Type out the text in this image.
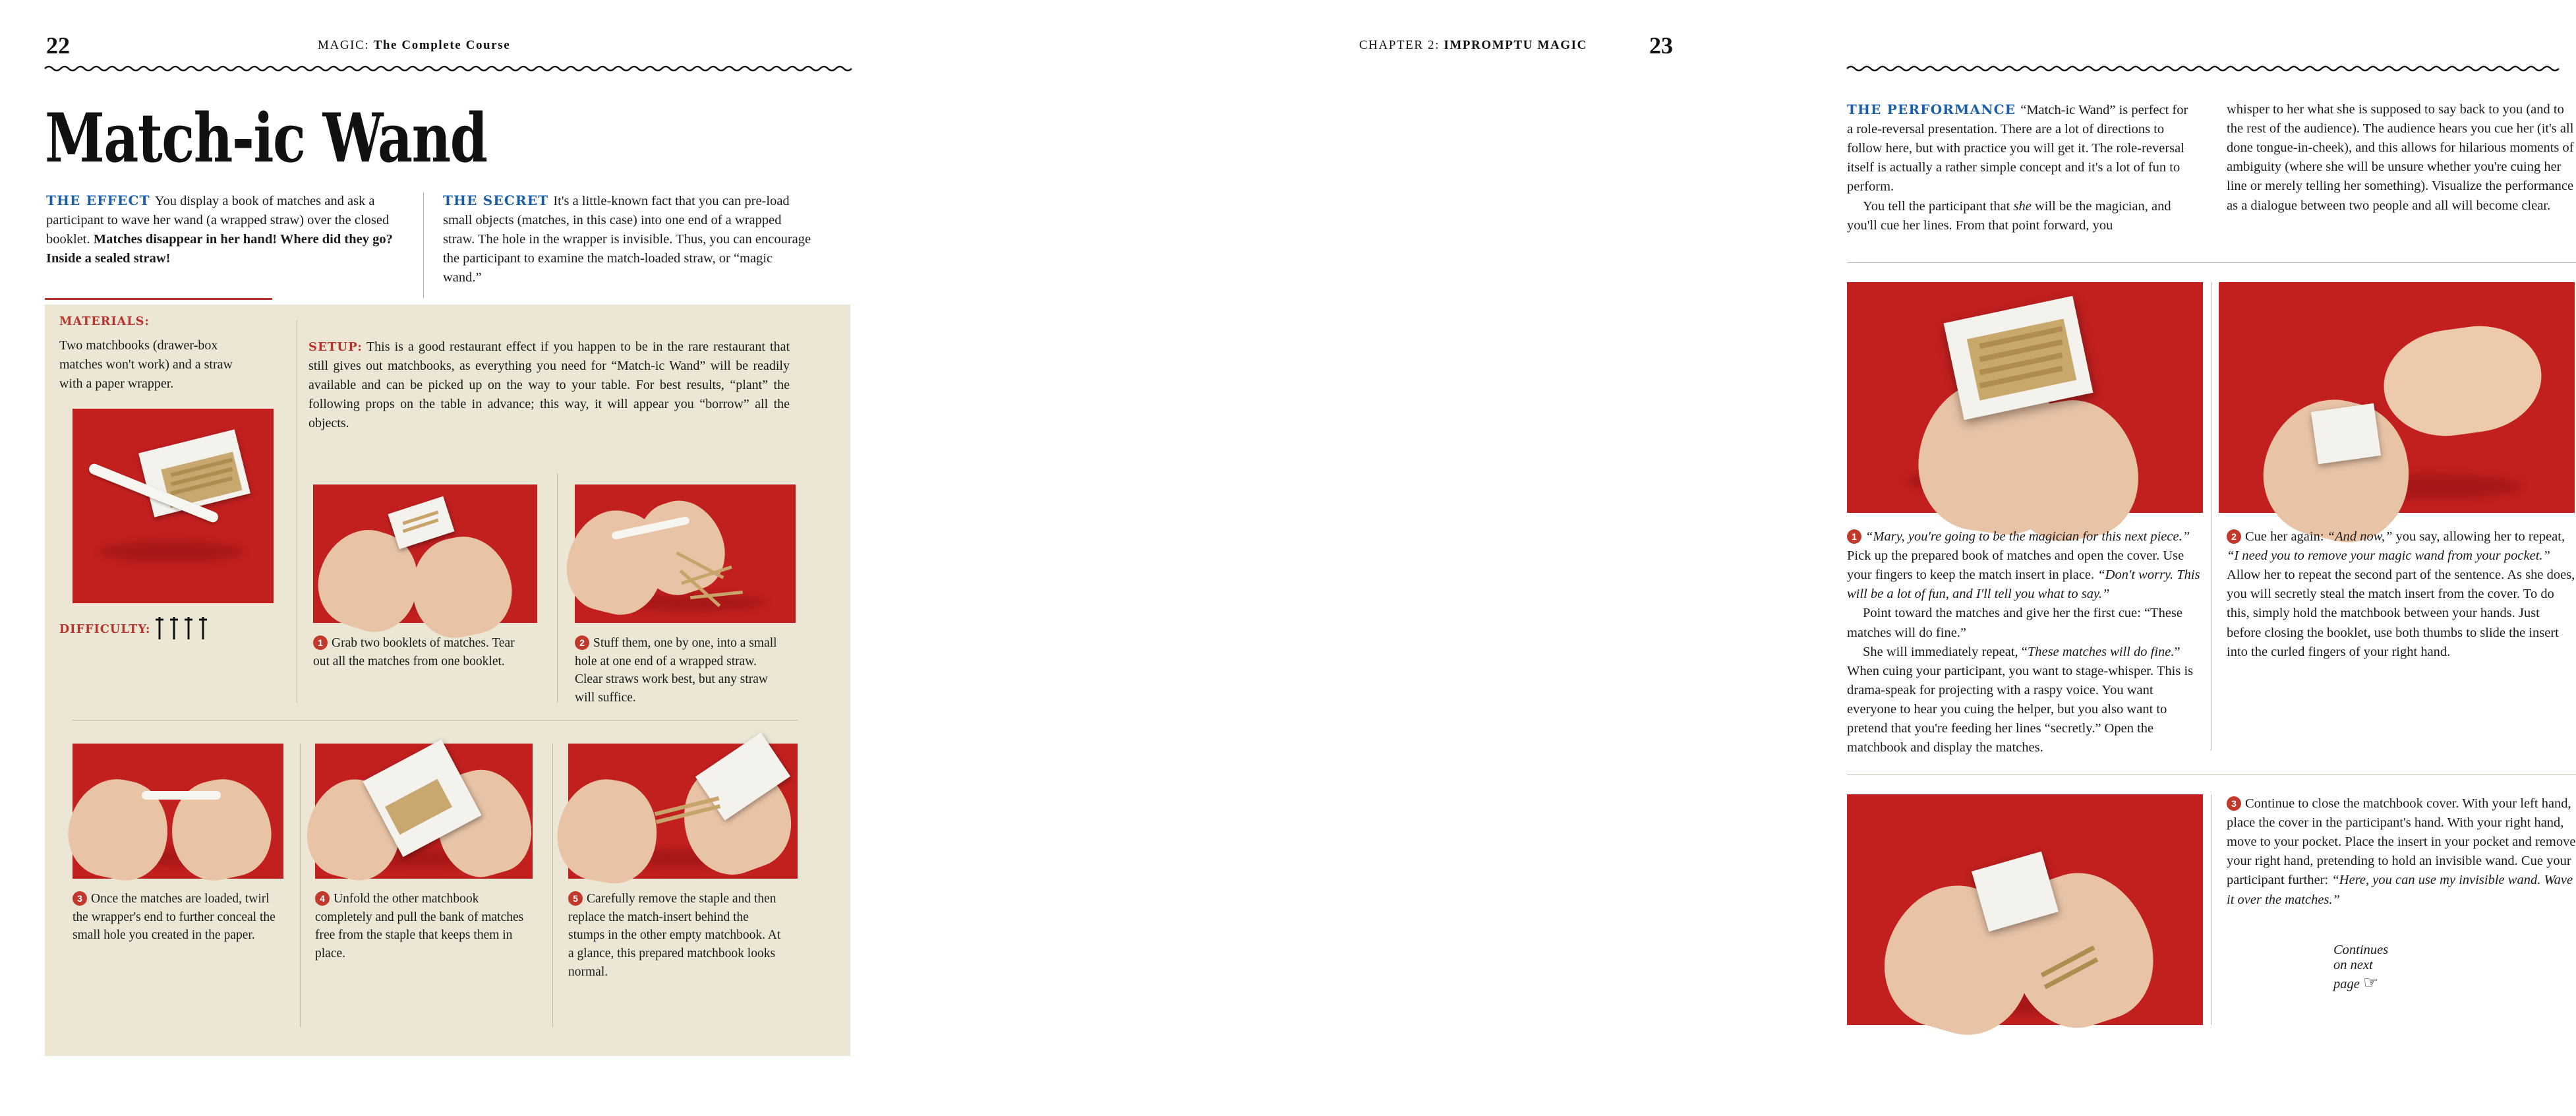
22	MAGIC: The Complete Course
Match-ic Wand
THE EFFECT You display a book of matches and ask a participant to wave her wand (a wrapped straw) over the closed booklet. Matches disappear in her hand! Where did they go? Inside a sealed straw!
THE SECRET It's a little-known fact that you can pre-load small objects (matches, in this case) into one end of a wrapped straw. The hole in the wrapper is invisible. Thus, you can encourage the participant to examine the match-loaded straw, or “magic wand.”
MATERIALS:
Two matchbooks (drawer-box matches won't work) and a straw with a paper wrapper.
DIFFICULTY:
SETUP: This is a good restaurant effect if you happen to be in the rare restaurant that still gives out matchbooks, as everything you need for “Match-ic Wand” will be readily available and can be picked up on the way to your table. For best results, “plant” the following props on the table in advance; this way, it will appear you “borrow” all the objects.
1 Grab two booklets of matches. Tear out all the matches from one booklet.
2 Stuff them, one by one, into a small hole at one end of a wrapped straw. Clear straws work best, but any straw will suffice.
3 Once the matches are loaded, twirl the wrapper's end to further conceal the small hole you created in the paper.
4 Unfold the other matchbook completely and pull the bank of matches free from the staple that keeps them in place.
5 Carefully remove the staple and then replace the match-insert behind the stumps in the other empty matchbook. At a glance, this prepared matchbook looks normal.
23
CHAPTER 2: IMPROMPTU MAGIC

THE PERFORMANCE “Match-ic Wand” is perfect for a role-reversal presentation. There are a lot of directions to follow here, but with practice you will get it. The role-reversal itself is actually a rather simple concept and it's a lot of fun to perform.

You tell the participant that she will be the magician, and you'll cue her lines. From that point forward, you

whisper to her what she is supposed to say back to you (and to the rest of the audience). The audience hears you cue her (it's all done tongue-in-cheek), and this allows for hilarious moments of ambiguity (where she will be unsure whether you're cuing her line or merely telling her something). Visualize the performance as a dialogue between two people and all will become clear.

1 “Mary, you're going to be the magician for this next piece.” Pick up the prepared book of matches and open the cover. Use your fingers to keep the match insert in place. “Don't worry. This will be a lot of fun, and I'll tell you what to say.”

Point toward the matches and give her the first cue: “These matches will do fine.”

She will immediately repeat, “These matches will do fine.” When cuing your participant, you want to stage-whisper. This is drama-speak for projecting with a raspy voice. You want everyone to hear you cuing the helper, but you also want to pretend that you're feeding her lines “secretly.” Open the matchbook and display the matches.

2 Cue her again: “And now,” you say, allowing her to repeat, “I need you to remove your magic wand from your pocket.” Allow her to repeat the second part of the sentence. As she does, you will secretly steal the match insert from the cover. To do this, simply hold the matchbook between your hands. Just before closing the booklet, use both thumbs to slide the insert into the curled fingers of your right hand.

3 Continue to close the matchbook cover. With your left hand, place the cover in the participant's hand. With your right hand, move to your pocket. Place the insert in your pocket and remove your right hand, pretending to hold an invisible wand. Cue your participant further: “Here, you can use my invisible wand. Wave it over the matches.”

Continues on next page ☞
